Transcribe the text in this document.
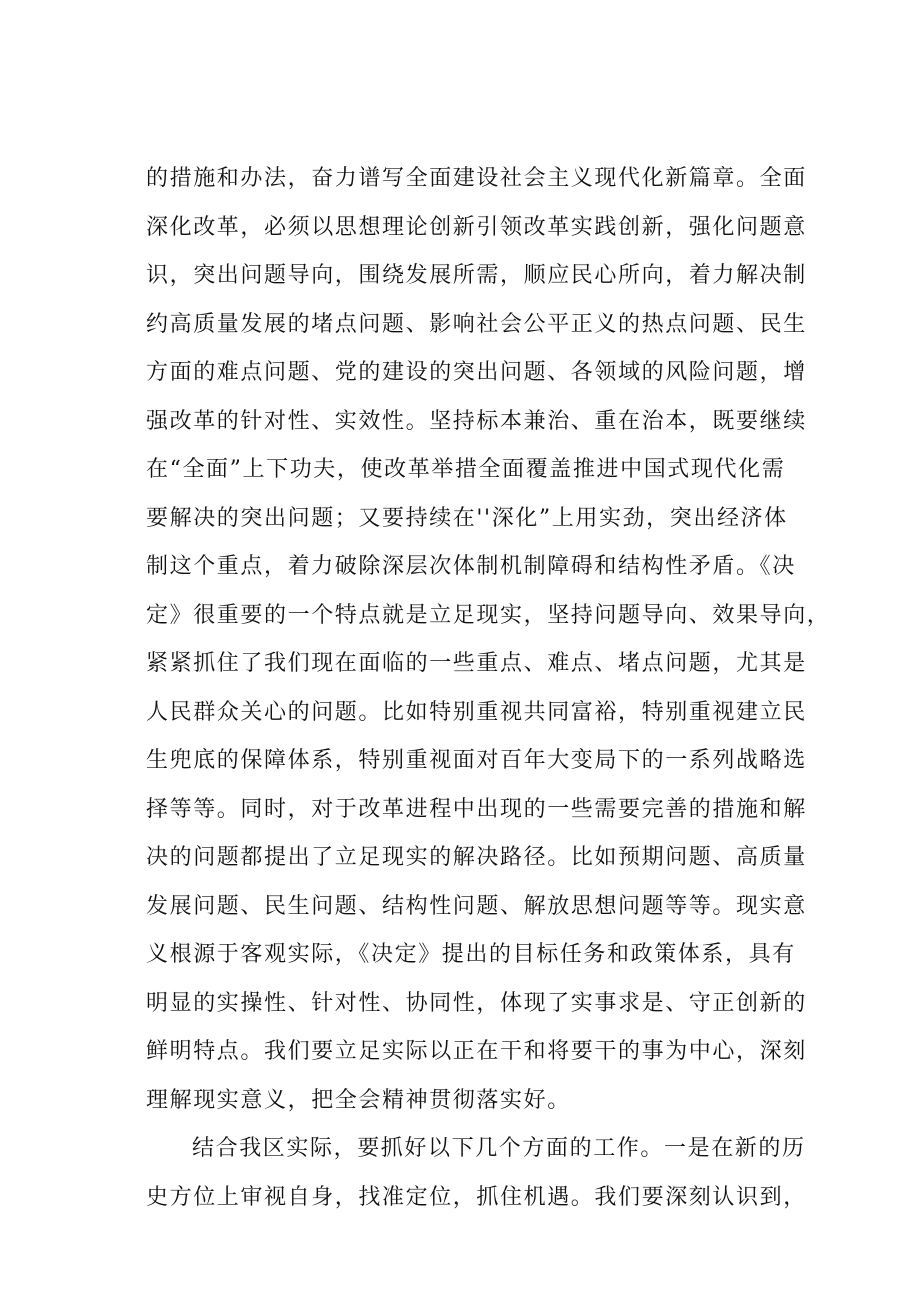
的措施和办法，奋力谱写全面建设社会主义现代化新篇章。全面
深化改革，必须以思想理论创新引领改革实践创新，强化问题意
识，突出问题导向，围绕发展所需，顺应民心所向，着力解决制
约高质量发展的堵点问题、影响社会公平正义的热点问题、民生
方面的难点问题、党的建设的突出问题、各领域的风险问题，增
强改革的针对性、实效性。坚持标本兼治、重在治本，既要继续
在“全面”上下功夫，使改革举措全面覆盖推进中国式现代化需
要解决的突出问题；又要持续在''深化”上用实劲，突出经济体
制这个重点，着力破除深层次体制机制障碍和结构性矛盾。《决
定》很重要的一个特点就是立足现实，坚持问题导向、效果导向，
紧紧抓住了我们现在面临的一些重点、难点、堵点问题，尤其是
人民群众关心的问题。比如特别重视共同富裕，特别重视建立民
生兜底的保障体系，特别重视面对百年大变局下的一系列战略选
择等等。同时，对于改革进程中出现的一些需要完善的措施和解
决的问题都提出了立足现实的解决路径。比如预期问题、高质量
发展问题、民生问题、结构性问题、解放思想问题等等。现实意
义根源于客观实际，《决定》提出的目标任务和政策体系，具有
明显的实操性、针对性、协同性，体现了实事求是、守正创新的
鲜明特点。我们要立足实际以正在干和将要干的事为中心，深刻
理解现实意义，把全会精神贯彻落实好。
结合我区实际，要抓好以下几个方面的工作。一是在新的历
史方位上审视自身，找准定位，抓住机遇。我们要深刻认识到，
